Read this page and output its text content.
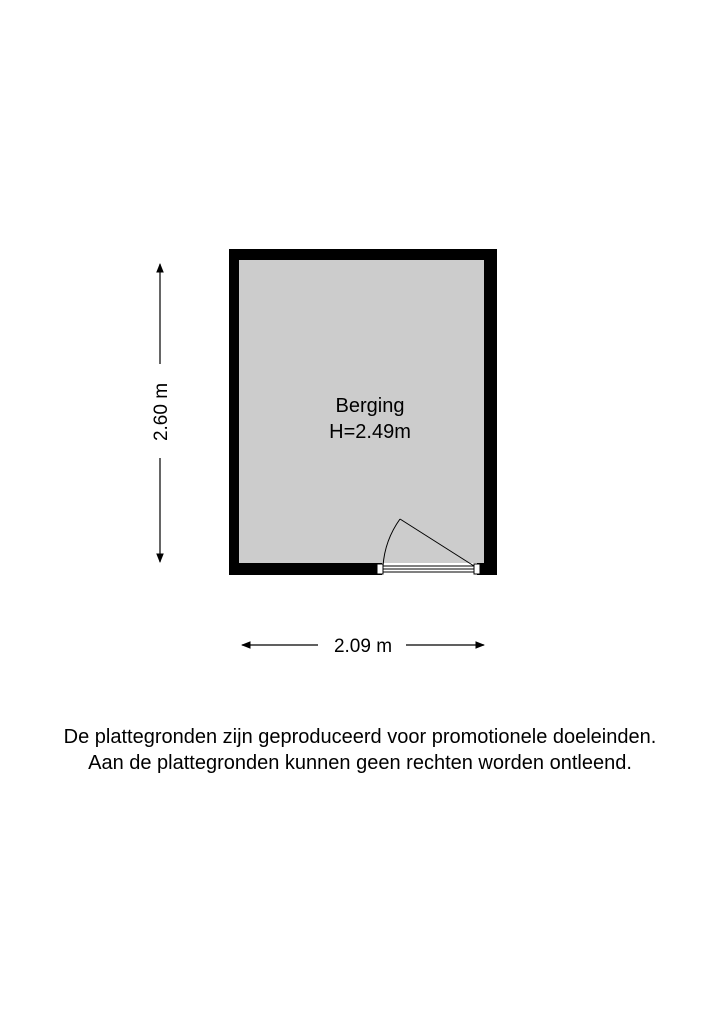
Berging
H=2.49m
2.60 m
2.09 m
De plattegronden zijn geproduceerd voor promotionele doeleinden.
Aan de plattegronden kunnen geen rechten worden ontleend.
